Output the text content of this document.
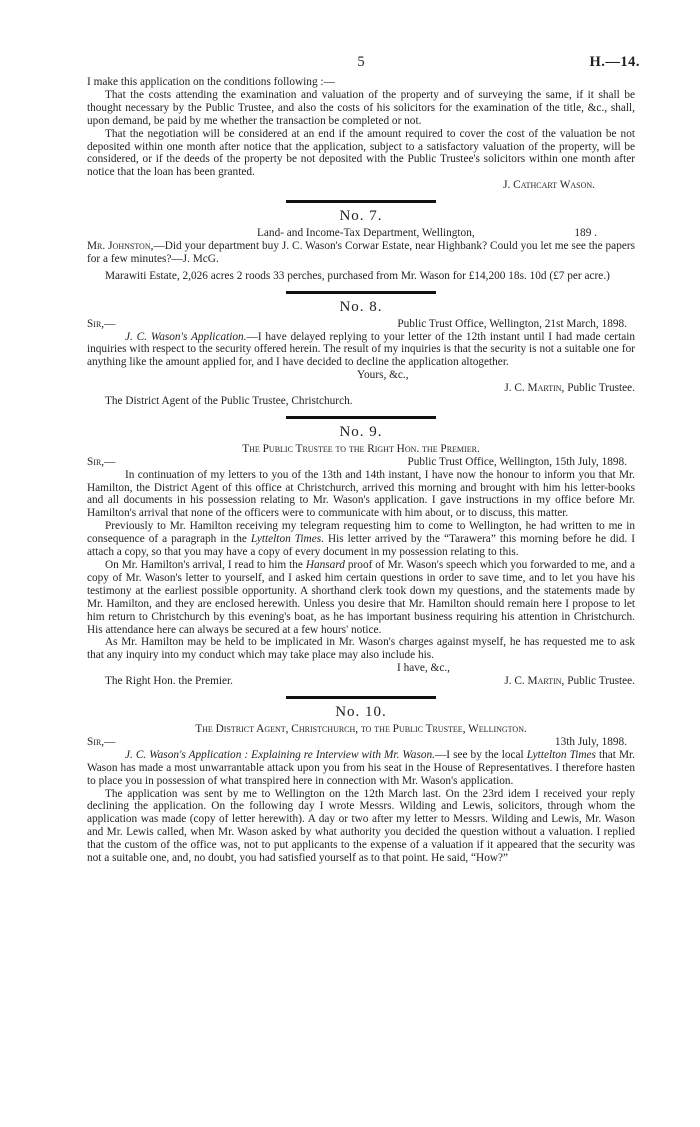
5	H.—14.

I make this application on the conditions following :—

That the costs attending the examination and valuation of the property and of surveying the same, if it shall be thought necessary by the Public Trustee, and also the costs of his solicitors for the examination of the title, &c., shall, upon demand, be paid by me whether the transaction be completed or not.

That the negotiation will be considered at an end if the amount required to cover the cost of the valuation be not deposited within one month after notice that the application, subject to a satisfactory valuation of the property, will be considered, or if the deeds of the property be not deposited with the Public Trustee's solicitors within one month after notice that the loan has been granted.

J. Cathcart Wason.

No. 7.
Land- and Income-Tax Department, Wellington,	189 .

Mr. Johnston,—Did your department buy J. C. Wason's Corwar Estate, near Highbank? Could you let me see the papers for a few minutes?—J. McG.

Marawiti Estate, 2,026 acres 2 roods 33 perches, purchased from Mr. Wason for £14,200 18s. 10d (£7 per acre.)

No. 8.
Sir,—	Public Trust Office, Wellington, 21st March, 1898.

J. C. Wason's Application.—I have delayed replying to your letter of the 12th instant until I had made certain inquiries with respect to the security offered herein. The result of my inquiries is that the security is not a suitable one for anything like the amount applied for, and I have decided to decline the application altogether.

Yours, &c.,

J. C. Martin, Public Trustee.

The District Agent of the Public Trustee, Christchurch.

No. 9.

The Public Trustee to the Right Hon. the Premier.

Sir,—	Public Trust Office, Wellington, 15th July, 1898.

In continuation of my letters to you of the 13th and 14th instant, I have now the honour to inform you that Mr. Hamilton, the District Agent of this office at Christchurch, arrived this morning and brought with him his letter-books and all documents in his possession relating to Mr. Wason's application. I gave instructions in my office before Mr. Hamilton's arrival that none of the officers were to communicate with him about, or to discuss, this matter.

Previously to Mr. Hamilton receiving my telegram requesting him to come to Wellington, he had written to me in consequence of a paragraph in the Lyttelton Times. His letter arrived by the “Tarawera” this morning before he did. I attach a copy, so that you may have a copy of every document in my possession relating to this.

On Mr. Hamilton's arrival, I read to him the Hansard proof of Mr. Wason's speech which you forwarded to me, and a copy of Mr. Wason's letter to yourself, and I asked him certain questions in order to save time, and to let you have his testimony at the earliest possible opportunity. A shorthand clerk took down my questions, and the statements made by Mr. Hamilton, and they are enclosed herewith. Unless you desire that Mr. Hamilton should remain here I propose to let him return to Christchurch by this evening's boat, as he has important business requiring his attention in Christchurch. His attendance here can always be secured at a few hours' notice.

As Mr. Hamilton may be held to be implicated in Mr. Wason's charges against myself, he has requested me to ask that any inquiry into my conduct which may take place may also include his.

I have, &c.,

The Right Hon. the Premier.	J. C. Martin, Public Trustee.
No. 10.

The District Agent, Christchurch, to the Public Trustee, Wellington.

Sir,—	13th July, 1898.

J. C. Wason's Application : Explaining re Interview with Mr. Wason.—I see by the local Lyttelton Times that Mr. Wason has made a most unwarrantable attack upon you from his seat in the House of Representatives. I therefore hasten to place you in possession of what transpired here in connection with Mr. Wason's application.

The application was sent by me to Wellington on the 12th March last. On the 23rd idem I received your reply declining the application. On the following day I wrote Messrs. Wilding and Lewis, solicitors, through whom the application was made (copy of letter herewith). A day or two after my letter to Messrs. Wilding and Lewis, Mr. Wason and Mr. Lewis called, when Mr. Wason asked by what authority you decided the question without a valuation. I replied that the custom of the office was, not to put applicants to the expense of a valuation if it appeared that the security was not a suitable one, and, no doubt, you had satisfied yourself as to that point. He said, “How?”
